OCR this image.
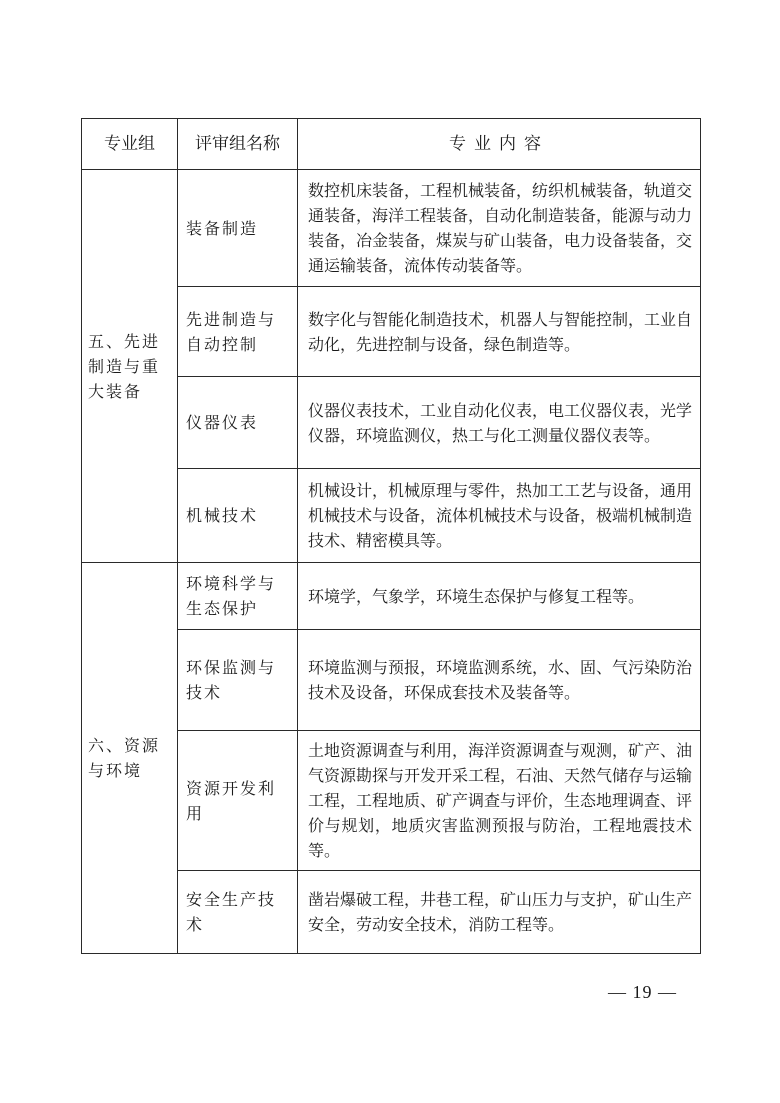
专业组	评审组名称	专业内容
五、先进制造与重大装备	装备制造	数控机床装备，工程机械装备，纺织机械装备，轨道交通装备，海洋工程装备，自动化制造装备，能源与动力装备，冶金装备，煤炭与矿山装备，电力设备装备，交通运输装备，流体传动装备等。
	先进制造与自动控制	数字化与智能化制造技术，机器人与智能控制，工业自动化，先进控制与设备，绿色制造等。
	仪器仪表	仪器仪表技术，工业自动化仪表，电工仪器仪表，光学仪器，环境监测仪，热工与化工测量仪器仪表等。
	机械技术	机械设计，机械原理与零件，热加工工艺与设备，通用机械技术与设备，流体机械技术与设备，极端机械制造技术、精密模具等。
六、资源与环境	环境科学与生态保护	环境学，气象学，环境生态保护与修复工程等。
	环保监测与技术	环境监测与预报，环境监测系统，水、固、气污染防治技术及设备，环保成套技术及装备等。
	资源开发利用	土地资源调查与利用，海洋资源调查与观测，矿产、油气资源勘探与开发开采工程，石油、天然气储存与运输工程，工程地质、矿产调查与评价，生态地理调查、评价与规划，地质灾害监测预报与防治，工程地震技术等。
	安全生产技术	凿岩爆破工程，井巷工程，矿山压力与支护，矿山生产安全，劳动安全技术，消防工程等。
— 19 —
